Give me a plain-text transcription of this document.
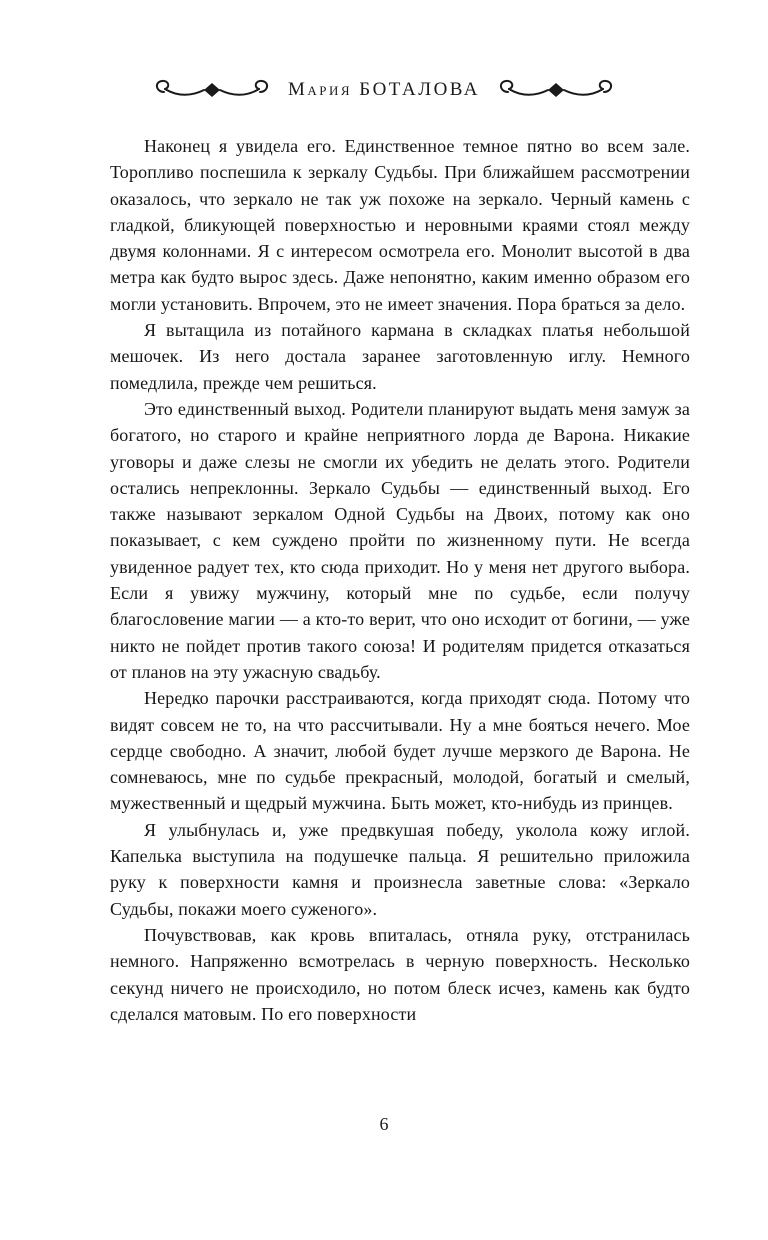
Мария БОТАЛОВА

Наконец я увидела его. Единственное темное пятно во всем зале. Торопливо поспешила к зеркалу Судьбы. При ближайшем рассмотрении оказалось, что зеркало не так уж похоже на зеркало. Черный камень с гладкой, бликующей поверхностью и неровными краями стоял между двумя колоннами. Я с интересом осмотрела его. Монолит высотой в два метра как будто вырос здесь. Даже непонятно, каким именно образом его могли установить. Впрочем, это не имеет значения. Пора браться за дело.

Я вытащила из потайного кармана в складках платья небольшой мешочек. Из него достала заранее заготовленную иглу. Немного помедлила, прежде чем решиться.

Это единственный выход. Родители планируют выдать меня замуж за богатого, но старого и крайне неприятного лорда де Варона. Никакие уговоры и даже слезы не смогли их убедить не делать этого. Родители остались непреклонны. Зеркало Судьбы — единственный выход. Его также называют зеркалом Одной Судьбы на Двоих, потому как оно показывает, с кем суждено пройти по жизненному пути. Не всегда увиденное радует тех, кто сюда приходит. Но у меня нет другого выбора. Если я увижу мужчину, который мне по судьбе, если получу благословение магии — а кто-то верит, что оно исходит от богини, — уже никто не пойдет против такого союза! И родителям придется отказаться от планов на эту ужасную свадьбу.

Нередко парочки расстраиваются, когда приходят сюда. Потому что видят совсем не то, на что рассчитывали. Ну а мне бояться нечего. Мое сердце свободно. А значит, любой будет лучше мерзкого де Варона. Не сомневаюсь, мне по судьбе прекрасный, молодой, богатый и смелый, мужественный и щедрый мужчина. Быть может, кто-нибудь из принцев.

Я улыбнулась и, уже предвкушая победу, уколола кожу иглой. Капелька выступила на подушечке пальца. Я решительно приложила руку к поверхности камня и произнесла заветные слова: «Зеркало Судьбы, покажи моего суженого».

Почувствовав, как кровь впиталась, отняла руку, отстранилась немного. Напряженно всмотрелась в черную поверхность. Несколько секунд ничего не происходило, но потом блеск исчез, камень как будто сделался матовым. По его поверхности

6
